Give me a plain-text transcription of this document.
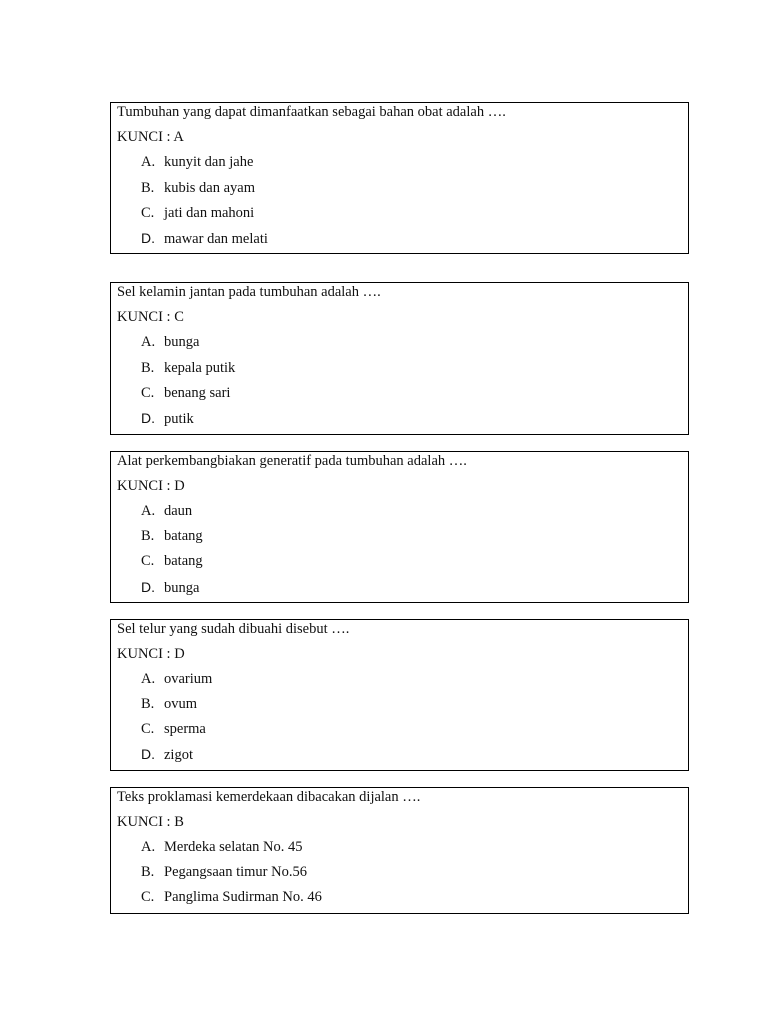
Tumbuhan yang dapat dimanfaatkan sebagai bahan obat adalah ….
KUNCI : A
A. kunyit dan jahe
B. kubis dan ayam
C. jati dan mahoni
D. mawar dan melati
Sel kelamin jantan pada tumbuhan adalah ….
KUNCI : C
A. bunga
B. kepala putik
C. benang sari
D. putik
Alat perkembangbiakan generatif pada tumbuhan adalah ….
KUNCI : D
A. daun
B. batang
C. batang
D. bunga
Sel telur yang sudah dibuahi disebut ….
KUNCI : D
A. ovarium
B. ovum
C. sperma
D. zigot
Teks proklamasi kemerdekaan dibacakan dijalan ….
KUNCI : B
A. Merdeka selatan No. 45
B. Pegangsaan timur No.56
C. Panglima Sudirman No. 46
